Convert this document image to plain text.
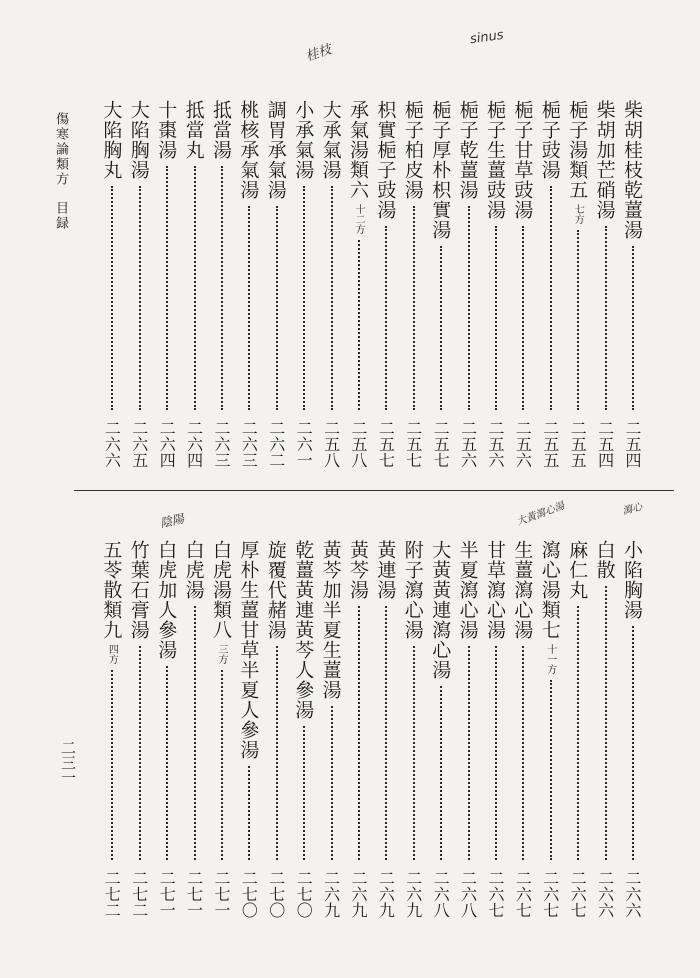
傷寒論類方目録
二三一
陰陽
桂枝
sinus
大黃瀉心湯	瀉心
柴胡桂枝乾薑湯
二五四
柴胡加芒硝湯
二五四
梔子湯類五七方
二五五
梔子豉湯
二五五
梔子甘草豉湯
二五六
梔子生薑豉湯
二五六
梔子乾薑湯
二五六
梔子厚朴枳實湯
二五七
梔子柏皮湯
二五七
枳實梔子豉湯
二五七
承氣湯類六十二方
二五八
大承氣湯
二五八
小承氣湯
二六一
調胃承氣湯
二六二
桃核承氣湯
二六三
抵當湯
二六三
抵當丸
二六四
十棗湯
二六四
大陷胸湯
二六五
大陷胸丸
二六六
小陷胸湯
二六六
白散
二六六
麻仁丸
二六七
瀉心湯類七十一方
二六七
生薑瀉心湯
二六七
甘草瀉心湯
二六七
半夏瀉心湯
二六八
大黃黃連瀉心湯
二六八
附子瀉心湯
二六九
黃連湯
二六九
黃芩湯
二六九
黃芩加半夏生薑湯
二六九
乾薑黃連黃芩人參湯
二七〇
旋覆代赭湯
二七〇
厚朴生薑甘草半夏人參湯
二七〇
白虎湯類八三方
二七一
白虎湯
二七一
白虎加人參湯
二七一
竹葉石膏湯
二七二
五苓散類九四方
二七二
